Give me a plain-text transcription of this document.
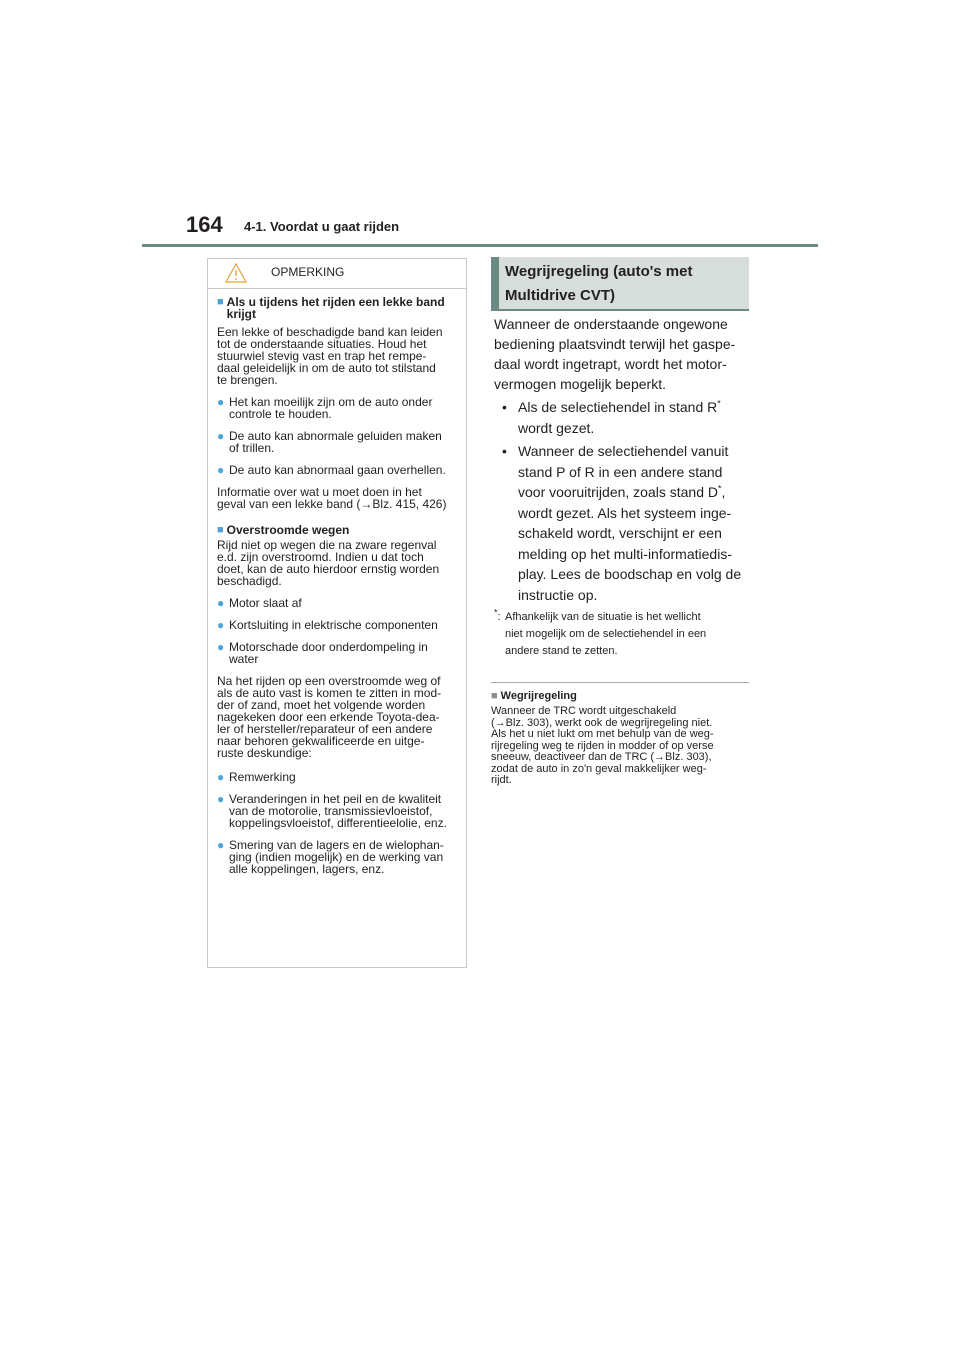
164 4-1. Voordat u gaat rijden
OPMERKING
■ Als u tijdens het rijden een lekke band krijgt
Een lekke of beschadigde band kan leiden
tot de onderstaande situaties. Houd het
stuurwiel stevig vast en trap het rempe-
daal geleidelijk in om de auto tot stilstand
te brengen.
● Het kan moeilijk zijn om de auto onder
controle te houden.
● De auto kan abnormale geluiden maken
of trillen.
● De auto kan abnormaal gaan overhellen.
Informatie over wat u moet doen in het
geval van een lekke band (→Blz. 415, 426)
■ Overstroomde wegen
Rijd niet op wegen die na zware regenval
e.d. zijn overstroomd. Indien u dat toch
doet, kan de auto hierdoor ernstig worden
beschadigd.
● Motor slaat af
● Kortsluiting in elektrische componenten
● Motorschade door onderdompeling in
water
Na het rijden op een overstroomde weg of
als de auto vast is komen te zitten in mod-
der of zand, moet het volgende worden
nagekeken door een erkende Toyota-dea-
ler of hersteller/reparateur of een andere
naar behoren gekwalificeerde en uitge-
ruste deskundige:
● Remwerking
● Veranderingen in het peil en de kwaliteit
van de motorolie, transmissievloeistof,
koppelingsvloeistof, differentieelolie, enz.
● Smering van de lagers en de wielophan-
ging (indien mogelijk) en de werking van
alle koppelingen, lagers, enz.
Wegrijregeling (auto's met
Multidrive CVT)
Wanneer de onderstaande ongewone
bediening plaatsvindt terwijl het gaspe-
daal wordt ingetrapt, wordt het motor-
vermogen mogelijk beperkt.
• Als de selectiehendel in stand R*
wordt gezet.
• Wanneer de selectiehendel vanuit
stand P of R in een andere stand
voor vooruitrijden, zoals stand D*,
wordt gezet. Als het systeem inge-
schakeld wordt, verschijnt er een
melding op het multi-informatiedis-
play. Lees de boodschap en volg de
instructie op.
*: Afhankelijk van de situatie is het wellicht
niet mogelijk om de selectiehendel in een
andere stand te zetten.
■ Wegrijregeling
Wanneer de TRC wordt uitgeschakeld
(→Blz. 303), werkt ook de wegrijregeling niet.
Als het u niet lukt om met behulp van de weg-
rijregeling weg te rijden in modder of op verse
sneeuw, deactiveer dan de TRC (→Blz. 303),
zodat de auto in zo'n geval makkelijker weg-
rijdt.
